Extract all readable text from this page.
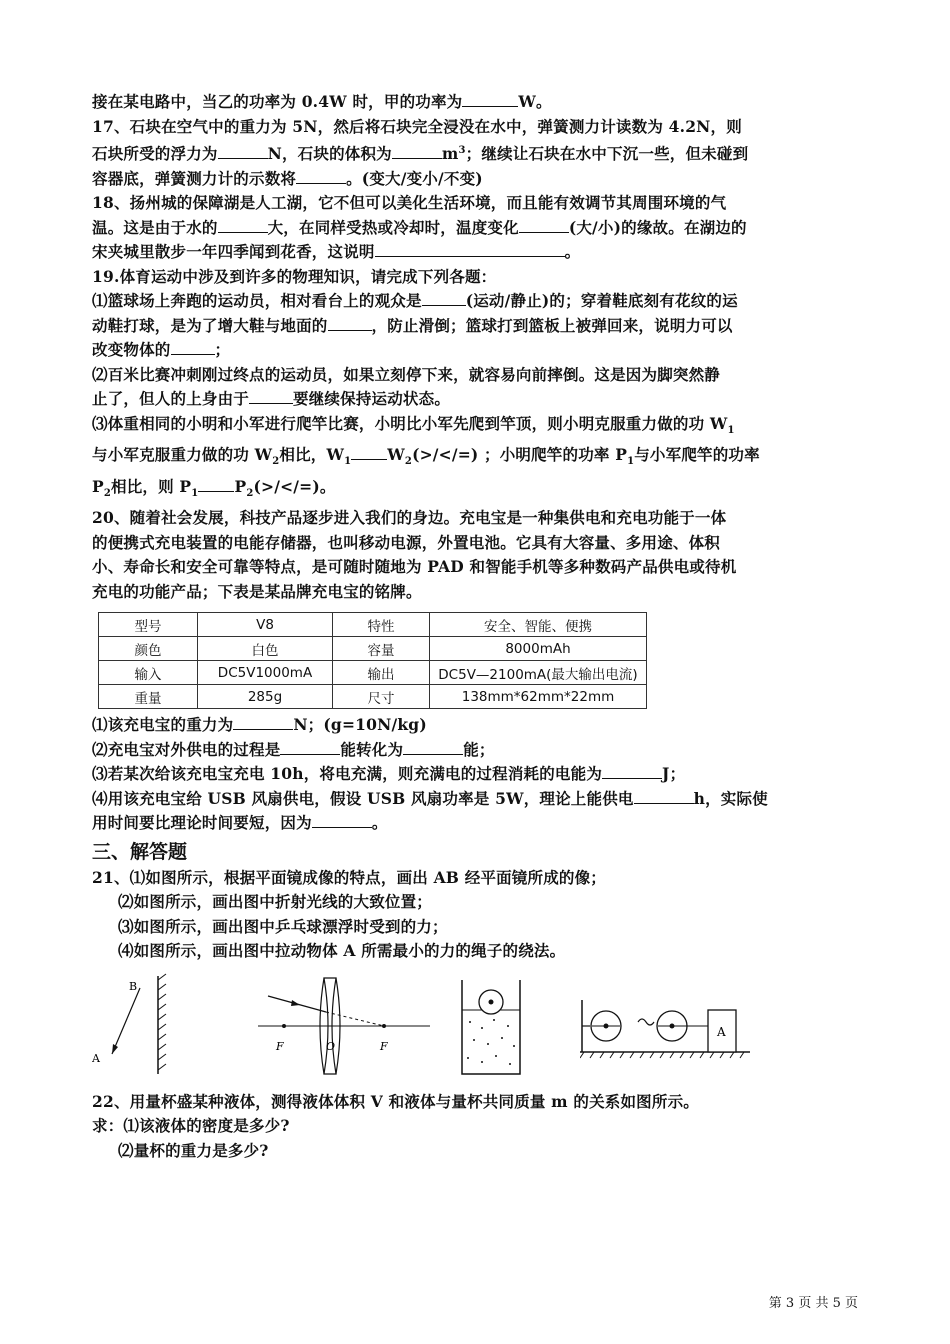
接在某电路中，当乙的功率为 0.4W 时，甲的功率为	W。
17、石块在空气中的重力为 5N，然后将石块完全浸没在水中，弹簧测力计读数为 4.2N，则
石块所受的浮力为	N，石块的体积为	$m^3$；继续让石块在水中下沉一些，但未碰到
容器底，弹簧测力计的示数将	。(变大/变小/不变)
18、扬州城的保障湖是人工湖，它不但可以美化生活环境，而且能有效调节其周围环境的气
温。这是由于水的	大，在同样受热或冷却时，温度变化	(大/小)的缘故。在湖边的
宋夹城里散步一年四季闻到花香，这说明	。
19.体育运动中涉及到许多的物理知识，请完成下列各题：
⑴篮球场上奔跑的运动员，相对看台上的观众是	(运动/静止)的；穿着鞋底刻有花纹的运
动鞋打球，是为了增大鞋与地面的	，防止滑倒；篮球打到篮板上被弹回来，说明力可以
改变物体的	；
⑵百米比赛冲刺刚过终点的运动员，如果立刻停下来，就容易向前摔倒。这是因为脚突然静
止了，但人的上身由于	要继续保持运动状态。
⑶体重相同的小明和小军进行爬竿比赛，小明比小军先爬到竿顶，则小明克服重力做的功 $W_1$
与小军克服重力做的功 $W_2$相比，$W_1$ $W_2(>/</=)$ ；小明爬竿的功率 $P_1$与小军爬竿的功率
$P_2$相比，则 $P_1$ $P_2(>/</=)$。
20、随着社会发展，科技产品逐步进入我们的身边。充电宝是一种集供电和充电功能于一体
的便携式充电装置的电能存储器，也叫移动电源，外置电池。它具有大容量、多用途、体积
小、寿命长和安全可靠等特点，是可随时随地为 PAD 和智能手机等多种数码产品供电或待机
充电的功能产品；下表是某品牌充电宝的铭牌。
型号	V8	特性	安全、智能、便携
颜色	白色	容量	8000mAh
输入	DC5V1000mA	输出	DC5V—2100mA(最大输出电流)
重量	285g	尺寸	138mm*62mm*22mm
⑴该充电宝的重力为	N；(g=10N/kg)
⑵充电宝对外供电的过程是	能转化为	能；
⑶若某次给该充电宝充电 10h，将电充满，则充满电的过程消耗的电能为	J；
⑷用该充电宝给 USB 风扇供电，假设 USB 风扇功率是 5W，理论上能供电	h，实际使
用时间要比理论时间要短，因为	。
三、解答题
21、⑴如图所示，根据平面镜成像的特点，画出 AB 经平面镜所成的像；
⑵如图所示，画出图中折射光线的大致位置；
⑶如图所示，画出图中乒乓球漂浮时受到的力；
⑷如图所示，画出图中拉动物体 A 所需最小的力的绳子的绕法。
B
A
F	O	F
A
22、用量杯盛某种液体，测得液体体积 V 和液体与量杯共同质量 m 的关系如图所示。
求：⑴该液体的密度是多少?
⑵量杯的重力是多少?
第 3 页 共 5 页
